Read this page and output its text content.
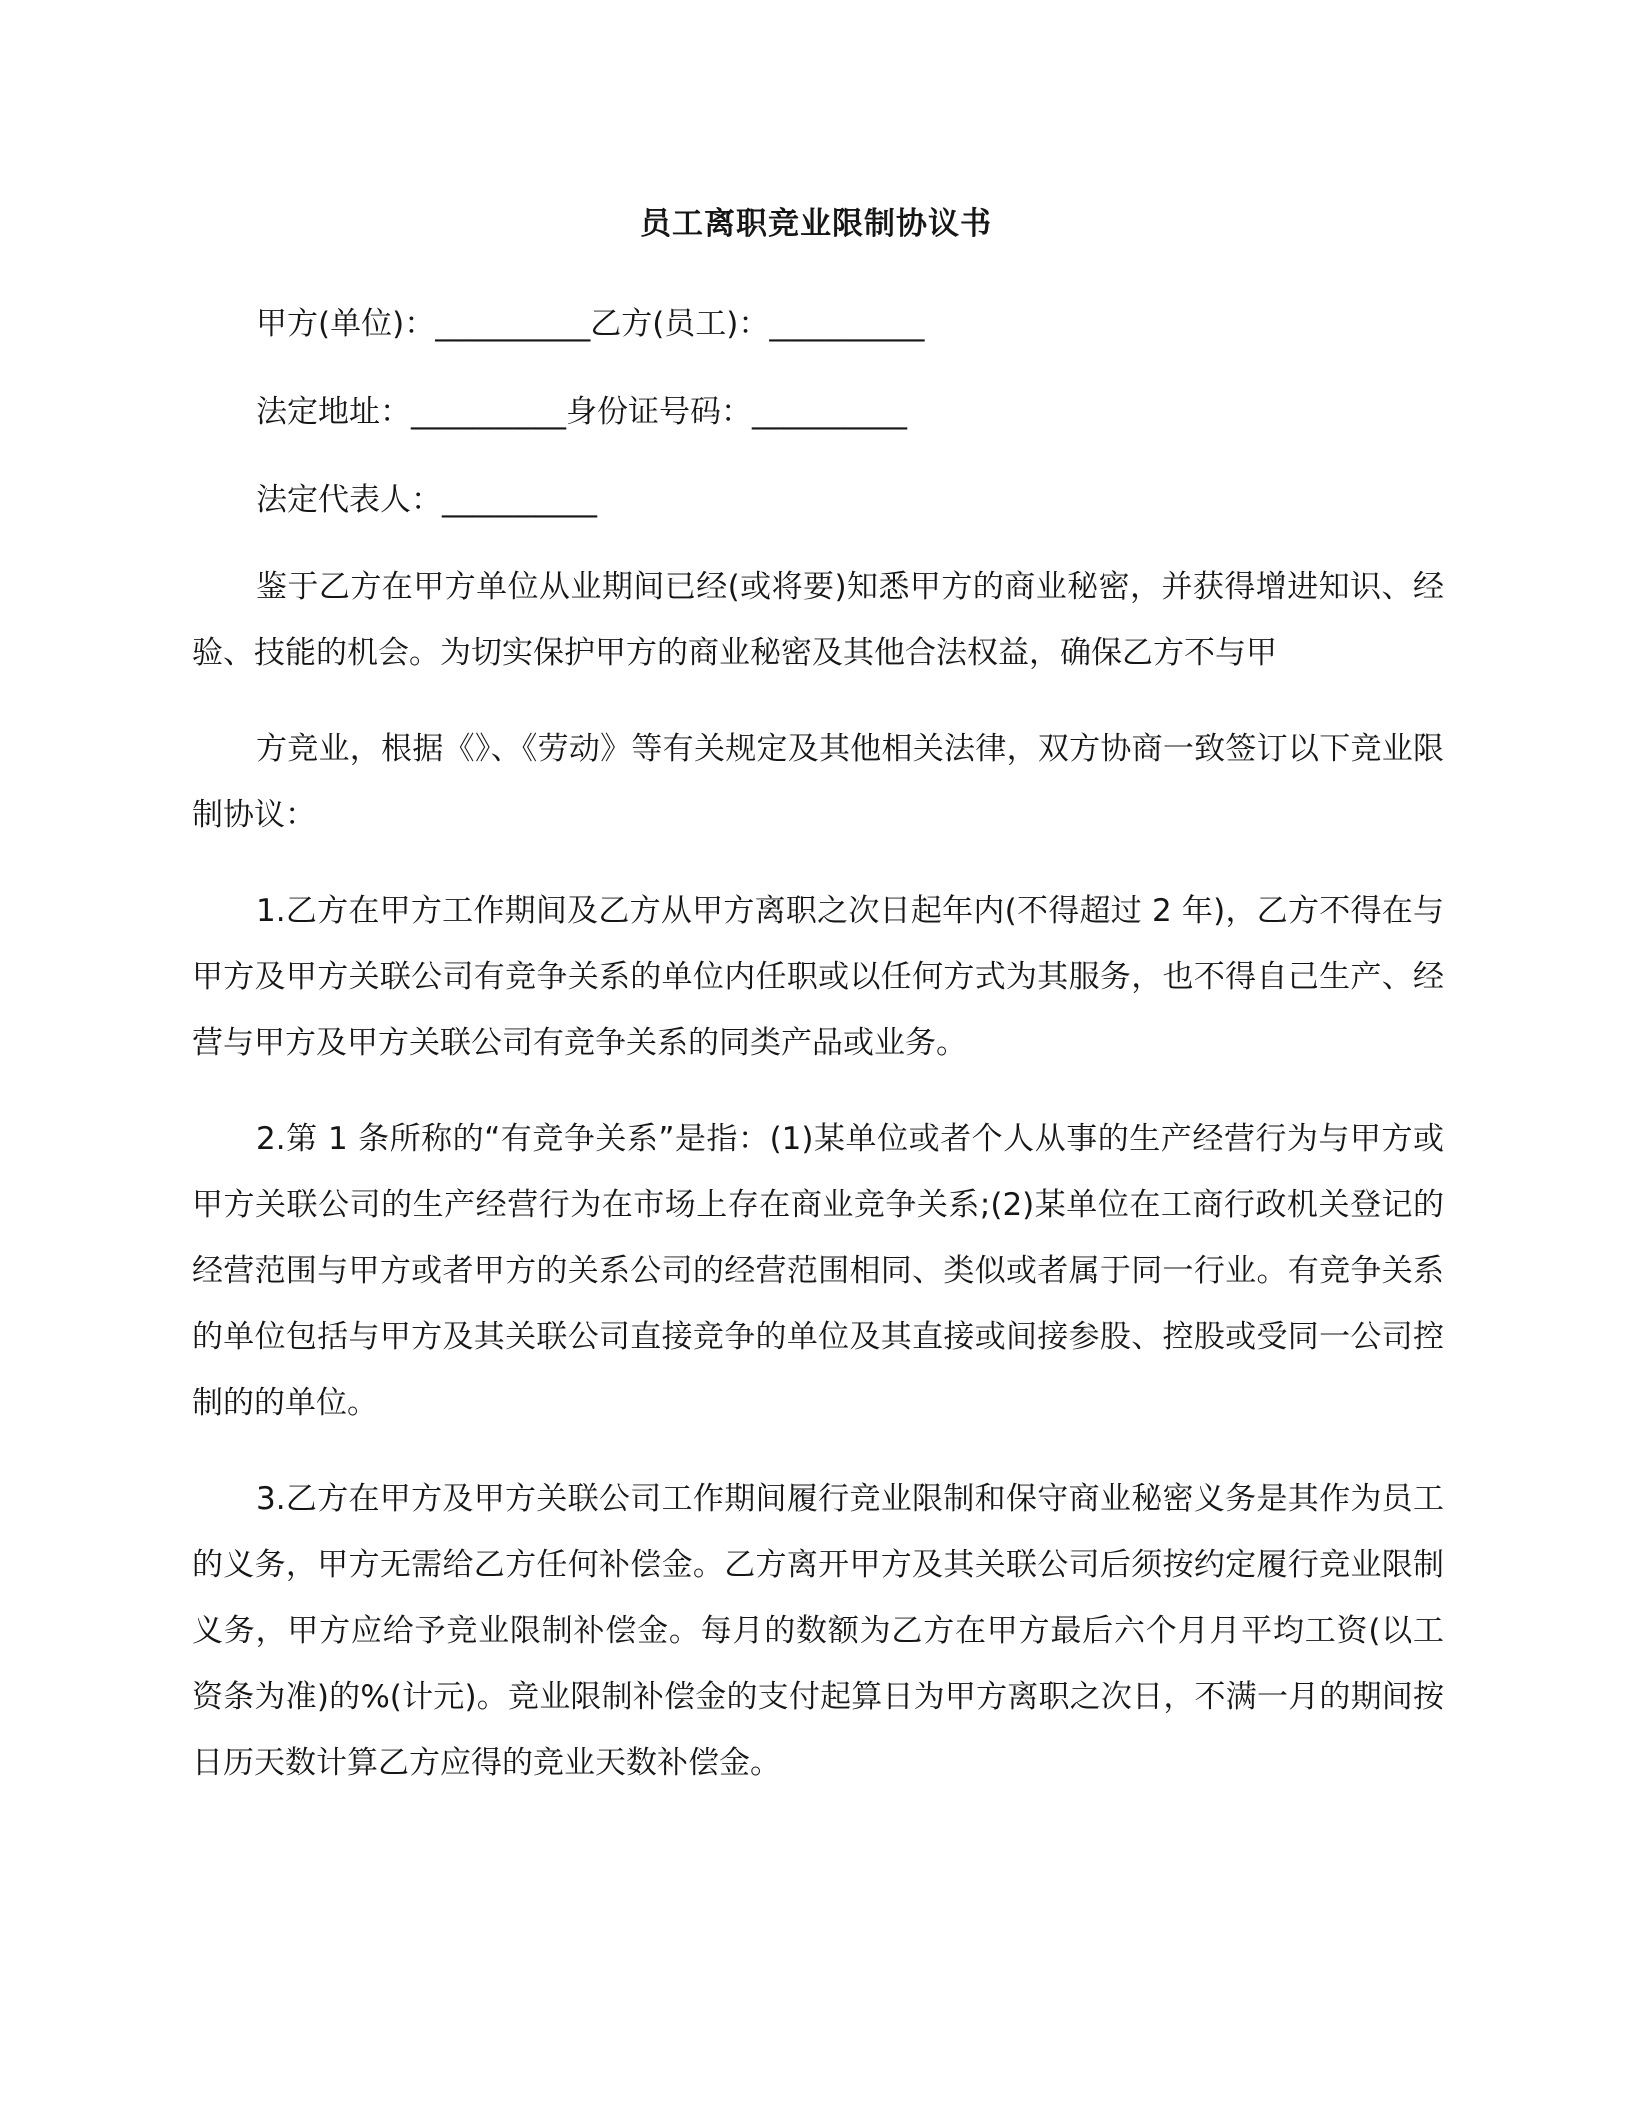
员工离职竞业限制协议书
甲方(单位)：__________乙方(员工)：__________
法定地址：__________身份证号码：__________
法定代表人：__________

鉴于乙方在甲方单位从业期间已经(或将要)知悉甲方的商业秘密，并获得增进知识、经验、技能的机会。为切实保护甲方的商业秘密及其他合法权益，确保乙方不与甲

方竞业，根据《》、《劳动》等有关规定及其他相关法律，双方协商一致签订以下竞业限制协议：

1.乙方在甲方工作期间及乙方从甲方离职之次日起年内(不得超过 2 年)，乙方不得在与甲方及甲方关联公司有竞争关系的单位内任职或以任何方式为其服务，也不得自己生产、经营与甲方及甲方关联公司有竞争关系的同类产品或业务。

2.第 1 条所称的“有竞争关系”是指：(1)某单位或者个人从事的生产经营行为与甲方或甲方关联公司的生产经营行为在市场上存在商业竞争关系;(2)某单位在工商行政机关登记的经营范围与甲方或者甲方的关系公司的经营范围相同、类似或者属于同一行业。有竞争关系的单位包括与甲方及其关联公司直接竞争的单位及其直接或间接参股、控股或受同一公司控制的的单位。

3.乙方在甲方及甲方关联公司工作期间履行竞业限制和保守商业秘密义务是其作为员工的义务，甲方无需给乙方任何补偿金。乙方离开甲方及其关联公司后须按约定履行竞业限制义务，甲方应给予竞业限制补偿金。每月的数额为乙方在甲方最后六个月月平均工资(以工资条为准)的%(计元)。竞业限制补偿金的支付起算日为甲方离职之次日，不满一月的期间按日历天数计算乙方应得的竞业天数补偿金。
